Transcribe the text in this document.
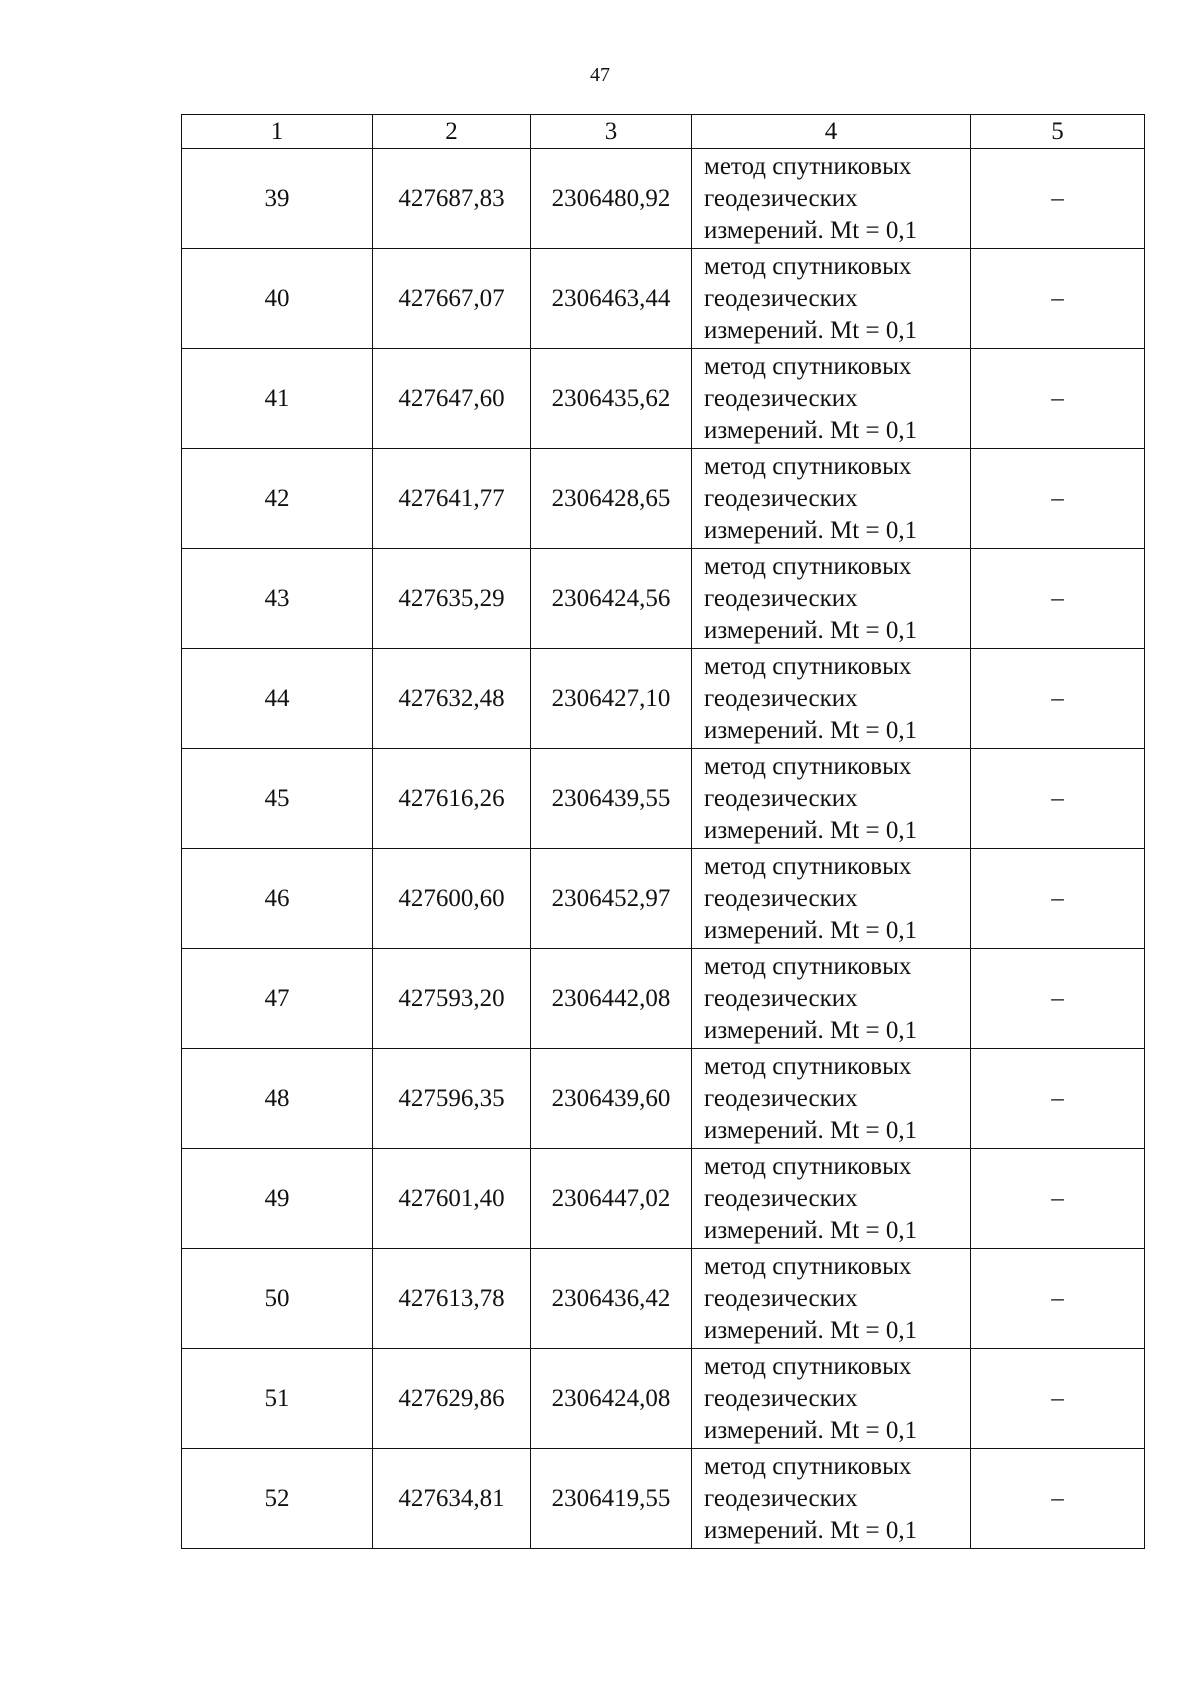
47
1	2	3	4	5
39	427687,83	2306480,92	метод спутниковых
геодезических
измерений. Mt = 0,1	–
40	427667,07	2306463,44	метод спутниковых
геодезических
измерений. Mt = 0,1	–
41	427647,60	2306435,62	метод спутниковых
геодезических
измерений. Mt = 0,1	–
42	427641,77	2306428,65	метод спутниковых
геодезических
измерений. Mt = 0,1	–
43	427635,29	2306424,56	метод спутниковых
геодезических
измерений. Mt = 0,1	–
44	427632,48	2306427,10	метод спутниковых
геодезических
измерений. Mt = 0,1	–
45	427616,26	2306439,55	метод спутниковых
геодезических
измерений. Mt = 0,1	–
46	427600,60	2306452,97	метод спутниковых
геодезических
измерений. Mt = 0,1	–
47	427593,20	2306442,08	метод спутниковых
геодезических
измерений. Mt = 0,1	–
48	427596,35	2306439,60	метод спутниковых
геодезических
измерений. Mt = 0,1	–
49	427601,40	2306447,02	метод спутниковых
геодезических
измерений. Mt = 0,1	–
50	427613,78	2306436,42	метод спутниковых
геодезических
измерений. Mt = 0,1	–
51	427629,86	2306424,08	метод спутниковых
геодезических
измерений. Mt = 0,1	–
52	427634,81	2306419,55	метод спутниковых
геодезических
измерений. Mt = 0,1	–
